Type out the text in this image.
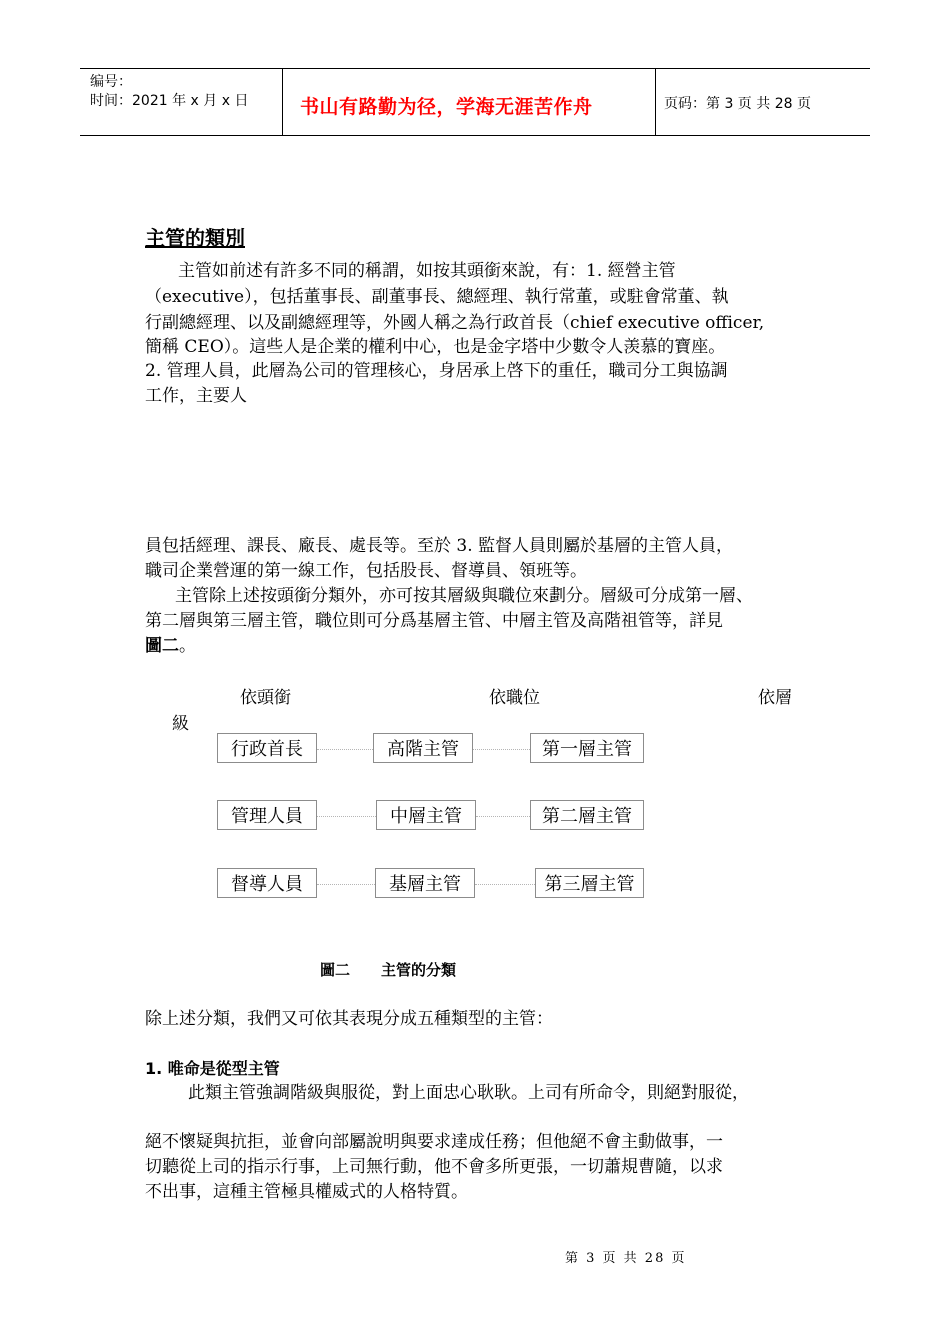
编号：
时间：2021 年 x 月 x 日	书山有路勤为径，学海无涯苦作舟	页码：第 3 页 共 28 页
主管的類別
主管如前述有許多不同的稱謂，如按其頭銜來說，有：1. 經營主管
（executive），包括董事長、副董事長、總經理、執行常董，或駐會常董、執
行副總經理、以及副總經理等，外國人稱之為行政首長（chief executive officer,
簡稱 CEO）。這些人是企業的權利中心，也是金字塔中少數令人羡慕的寶座。
2. 管理人員，此層為公司的管理核心，身居承上啓下的重任，職司分工與協調
工作，主要人
員包括經理、課長、廠長、處長等。至於 3. 監督人員則屬於基層的主管人員，
職司企業營運的第一線工作，包括股長、督導員、領班等。
主管除上述按頭銜分類外，亦可按其層級與職位來劃分。層級可分成第一層、
第二層與第三層主管，職位則可分爲基層主管、中層主管及高階祖管等，詳見
圖二。
依頭銜	依職位	依層
級
行政首長	高階主管	第一層主管
管理人員	中層主管	第二層主管
督導人員	基層主管	第三層主管
圖二 主管的分類
除上述分類，我們又可依其表現分成五種類型的主管：
1. 唯命是從型主管
此類主管強調階級與服從，對上面忠心耿耿。上司有所命令，則絕對服從，
絕不懷疑與抗拒，並會向部屬說明與要求達成任務；但他絕不會主動做事，一
切聽從上司的指示行事，上司無行動，他不會多所更張，一切蕭規曹隨，以求
不出事，這種主管極具權威式的人格特質。
第 3 页 共 28 页
